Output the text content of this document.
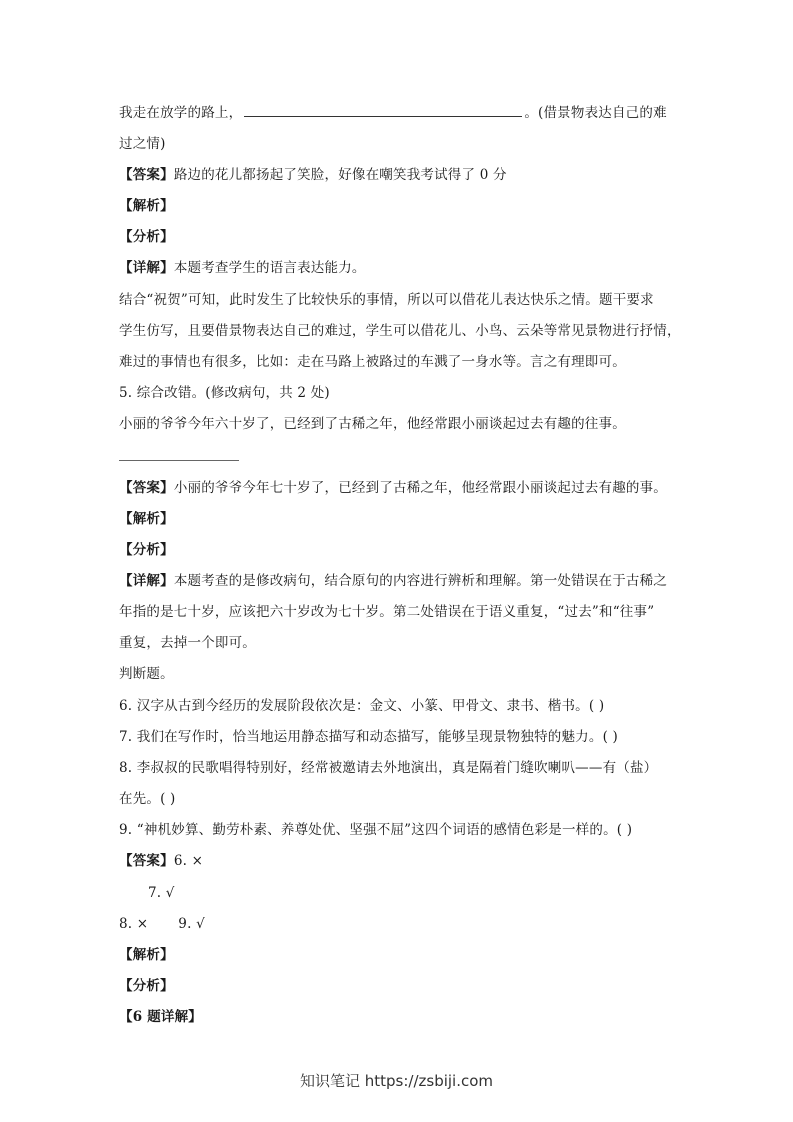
我走在放学的路上，	。(借景物表达自己的难
过之情)
【答案】路边的花儿都扬起了笑脸，好像在嘲笑我考试得了 0 分
【解析】
【分析】
【详解】本题考查学生的语言表达能力。
结合“祝贺”可知，此时发生了比较快乐的事情，所以可以借花儿表达快乐之情。题干要求
学生仿写，且要借景物表达自己的难过，学生可以借花儿、小鸟、云朵等常见景物进行抒情，
难过的事情也有很多，比如：走在马路上被路过的车溅了一身水等。言之有理即可。
5. 综合改错。(修改病句，共 2 处)
小丽的爷爷今年六十岁了，已经到了古稀之年，他经常跟小丽谈起过去有趣的往事。
【答案】小丽的爷爷今年七十岁了，已经到了古稀之年，他经常跟小丽谈起过去有趣的事。
【解析】
【分析】
【详解】本题考查的是修改病句，结合原句的内容进行辨析和理解。第一处错误在于古稀之
年指的是七十岁，应该把六十岁改为七十岁。第二处错误在于语义重复，“过去”和“往事”
重复，去掉一个即可。
判断题。
6. 汉字从古到今经历的发展阶段依次是：金文、小篆、甲骨文、隶书、楷书。( )
7. 我们在写作时，恰当地运用静态描写和动态描写，能够呈现景物独特的魅力。( )
8. 李叔叔的民歌唱得特别好，经常被邀请去外地演出，真是隔着门缝吹喇叭——有（盐）
在先。( )
9. “神机妙算、勤劳朴素、养尊处优、坚强不屈”这四个词语的感情色彩是一样的。( )
【答案】6. ×
7. √
8. × 9. √
【解析】
【分析】
【6 题详解】
知识笔记 https://zsbiji.com
